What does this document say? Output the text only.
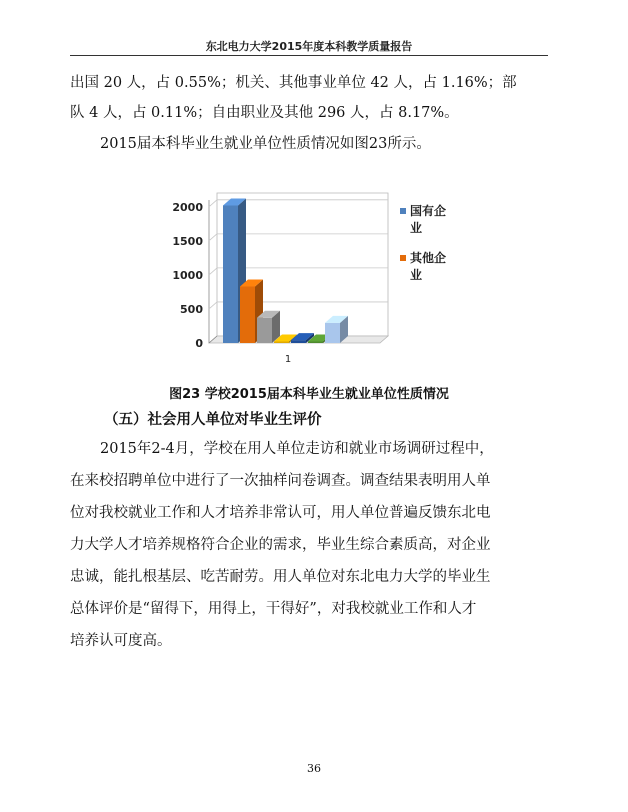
东北电力大学2015年度本科教学质量报告
出国 20 人，占 0.55%；机关、其他事业单位 42 人，占 1.16%；部
队 4 人，占 0.11%；自由职业及其他 296 人，占 8.17%。
2015届本科毕业生就业单位性质情况如图23所示。
2000
1500
1000
500
0
1
国有企业
其他企业
图23 学校2015届本科毕业生就业单位性质情况
（五）社会用人单位对毕业生评价
2015年2-4月，学校在用人单位走访和就业市场调研过程中，
在来校招聘单位中进行了一次抽样问卷调查。调查结果表明用人单
位对我校就业工作和人才培养非常认可，用人单位普遍反馈东北电
力大学人才培养规格符合企业的需求，毕业生综合素质高，对企业
忠诚，能扎根基层、吃苦耐劳。用人单位对东北电力大学的毕业生
总体评价是“留得下，用得上，干得好”，对我校就业工作和人才
培养认可度高。
36
